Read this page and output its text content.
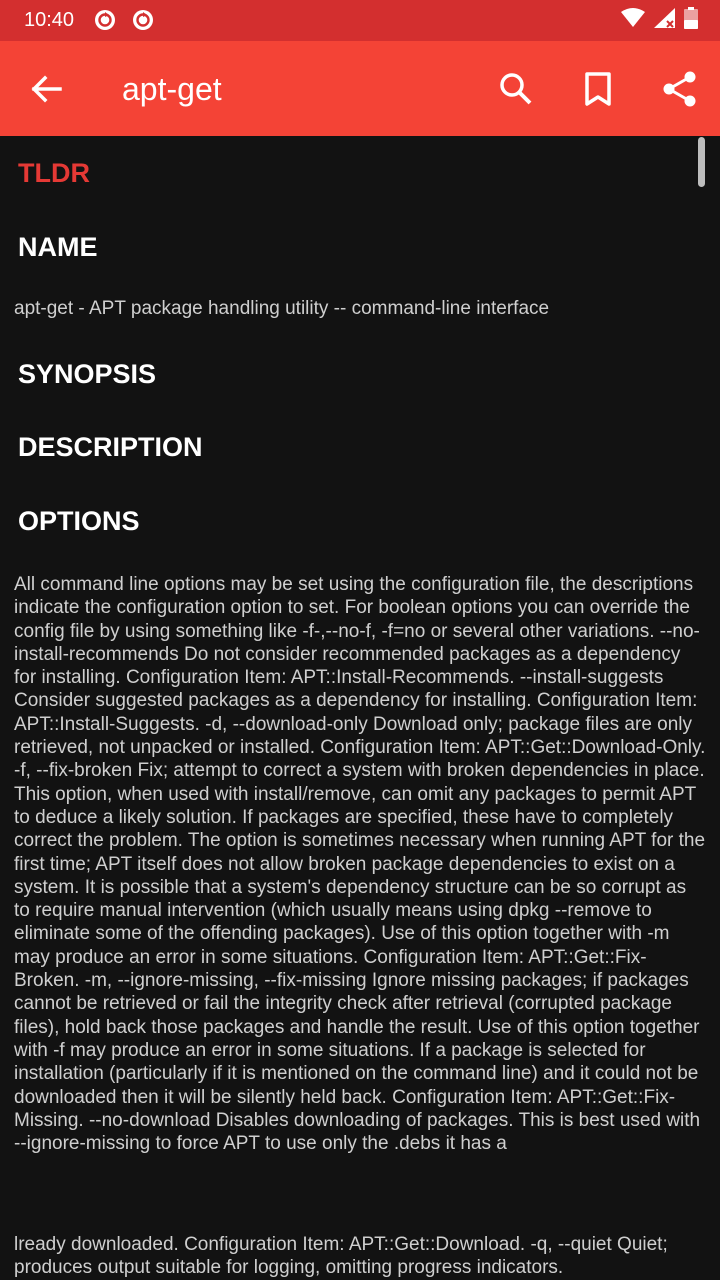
10:40
apt-get
TLDR
NAME
apt-get - APT package handling utility -- command-line interface
SYNOPSIS
DESCRIPTION
OPTIONS

All command line options may be set using the configuration file, the descriptions indicate the configuration option to set. For boolean options you can override the config file by using something like -f-,--no-f, -f=no or several other variations. --no-install-recommends Do not consider recommended packages as a dependency for installing. Configuration Item: APT::Install-Recommends. --install-suggests Consider suggested packages as a dependency for installing. Configuration Item: APT::Install-Suggests. -d, --download-only Download only; package files are only retrieved, not unpacked or installed. Configuration Item: APT::Get::Download-Only. -f, --fix-broken Fix; attempt to correct a system with broken dependencies in place. This option, when used with install/remove, can omit any packages to permit APT to deduce a likely solution. If packages are specified, these have to completely correct the problem. The option is sometimes necessary when running APT for the first time; APT itself does not allow broken package dependencies to exist on a system. It is possible that a system's dependency structure can be so corrupt as to require manual intervention (which usually means using dpkg --remove to eliminate some of the offending packages). Use of this option together with -m may produce an error in some situations. Configuration Item: APT::Get::Fix-Broken. -m, --ignore-missing, --fix-missing Ignore missing packages; if packages cannot be retrieved or fail the integrity check after retrieval (corrupted package files), hold back those packages and handle the result. Use of this option together with -f may produce an error in some situations. If a package is selected for installation (particularly if it is mentioned on the command line) and it could not be downloaded then it will be silently held back. Configuration Item: APT::Get::Fix-Missing. --no-download Disables downloading of packages. This is best used with --ignore-missing to force APT to use only the .debs it has a

lready downloaded. Configuration Item: APT::Get::Download. -q, --quiet Quiet; produces output suitable for logging, omitting progress indicators.
